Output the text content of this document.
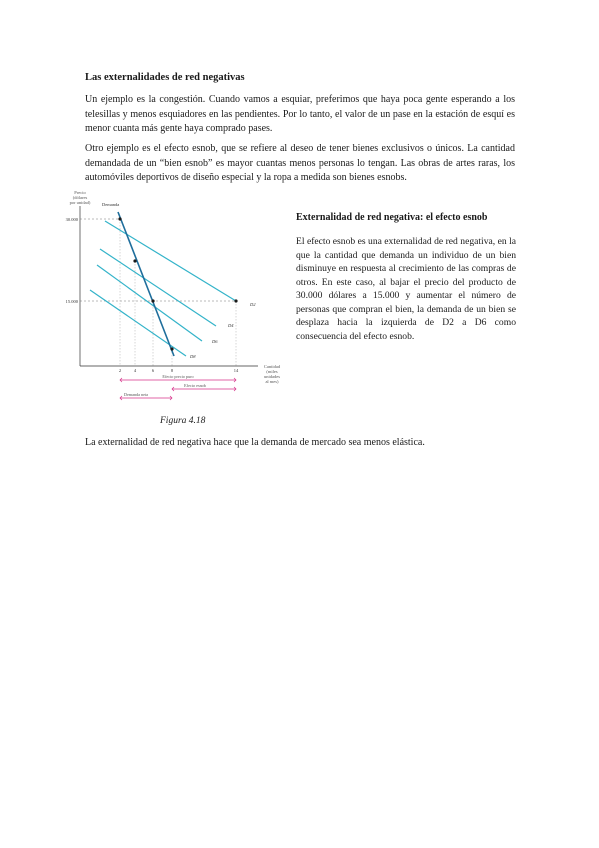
Las externalidades de red negativas

Un ejemplo es la congestión. Cuando vamos a esquiar, preferimos que haya poca gente esperando a los telesillas y menos esquiadores en las pendientes. Por lo tanto, el valor de un pase en la estación de esquí es menor cuanta más gente haya comprado pases.

Otro ejemplo es el efecto esnob, que se refiere al deseo de tener bienes exclusivos o únicos. La cantidad demandada de un “bien esnob” es mayor cuantas menos personas lo tengan. Las obras de artes raras, los automóviles deportivos de diseño especial y la ropa a medida son bienes esnobs.

Precio
(dólares
por unidad)
30.000
15.000
Demanda
D2
D4
D6
D8
2	4	6	8	14
Cantidad
(miles
unidades
al mes)
Efecto precio puro
Efecto esnob
Demanda neta
Externalidad de red negativa: el efecto esnob

El efecto esnob es una externalidad de red negativa, en la que la cantidad que demanda un individuo de un bien disminuye en respuesta al crecimiento de las compras de otros. En este caso, al bajar el precio del producto de 30.000 dólares a 15.000 y aumentar el número de personas que compran el bien, la demanda de un bien se desplaza hacia la izquierda de D2 a D6 como consecuencia del efecto esnob.

Figura 4.18
La externalidad de red negativa hace que la demanda de mercado sea menos elástica.
